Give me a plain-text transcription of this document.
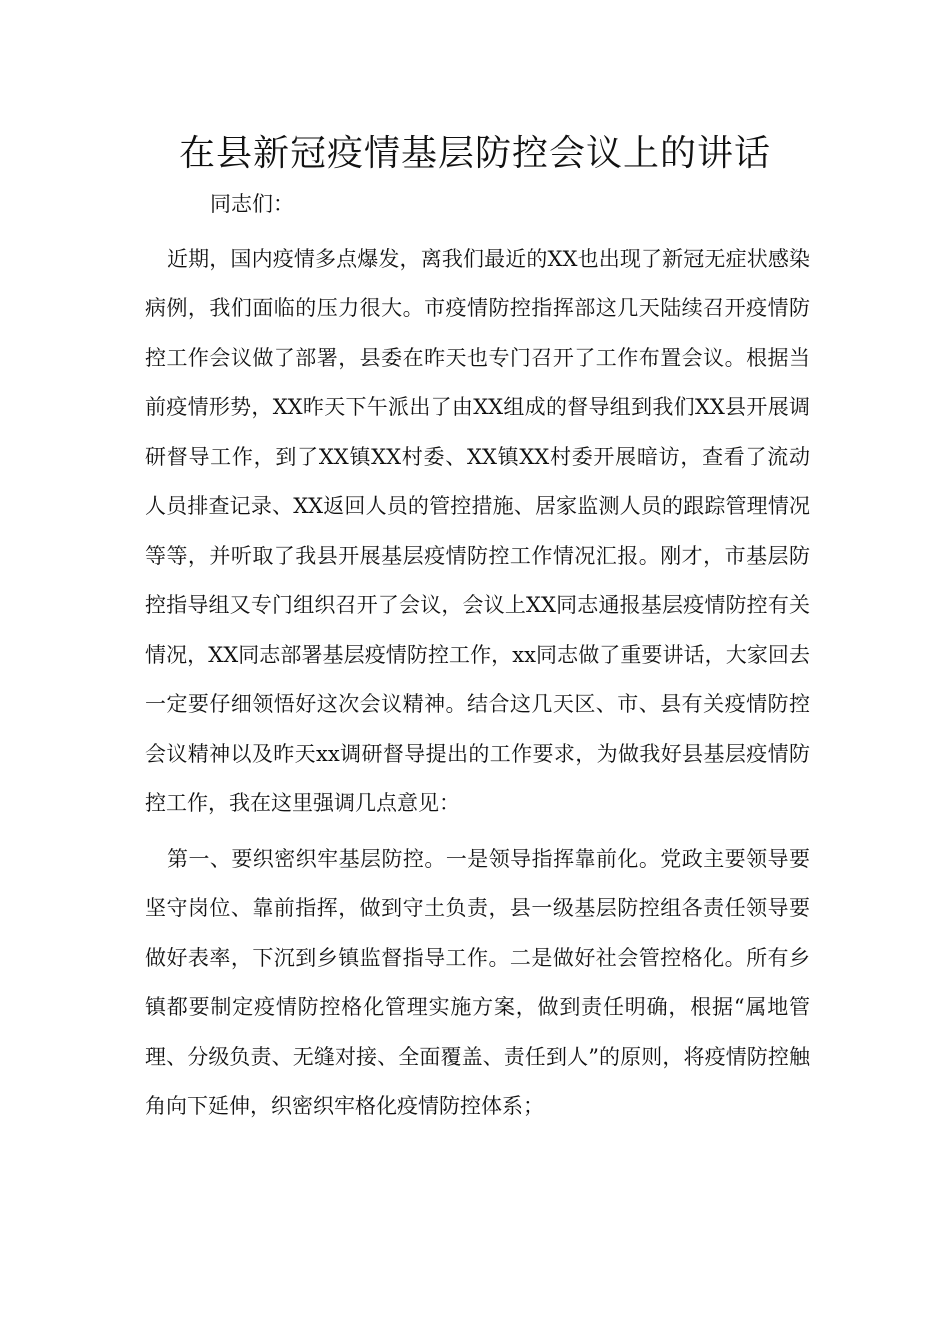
在县新冠疫情基层防控会议上的讲话

同志们：

近期，国内疫情多点爆发，离我们最近的XX也出现了新冠无症状感染病例，我们面临的压力很大。市疫情防控指挥部这几天陆续召开疫情防控工作会议做了部署，县委在昨天也专门召开了工作布置会议。根据当前疫情形势，XX昨天下午派出了由XX组成的督导组到我们XX县开展调研督导工作，到了XX镇XX村委、XX镇XX村委开展暗访，查看了流动人员排查记录、XX返回人员的管控措施、居家监测人员的跟踪管理情况等等，并听取了我县开展基层疫情防控工作情况汇报。刚才，市基层防控指导组又专门组织召开了会议，会议上XX同志通报基层疫情防控有关情况，XX同志部署基层疫情防控工作，xx同志做了重要讲话，大家回去一定要仔细领悟好这次会议精神。结合这几天区、市、县有关疫情防控会议精神以及昨天xx调研督导提出的工作要求，为做我好县基层疫情防控工作，我在这里强调几点意见：

第一、要织密织牢基层防控。一是领导指挥靠前化。党政主要领导要坚守岗位、靠前指挥，做到守土负责，县一级基层防控组各责任领导要做好表率，下沉到乡镇监督指导工作。二是做好社会管控格化。所有乡镇都要制定疫情防控格化管理实施方案，做到责任明确，根据“属地管理、分级负责、无缝对接、全面覆盖、责任到人”的原则，将疫情防控触角向下延伸，织密织牢格化疫情防控体系；
